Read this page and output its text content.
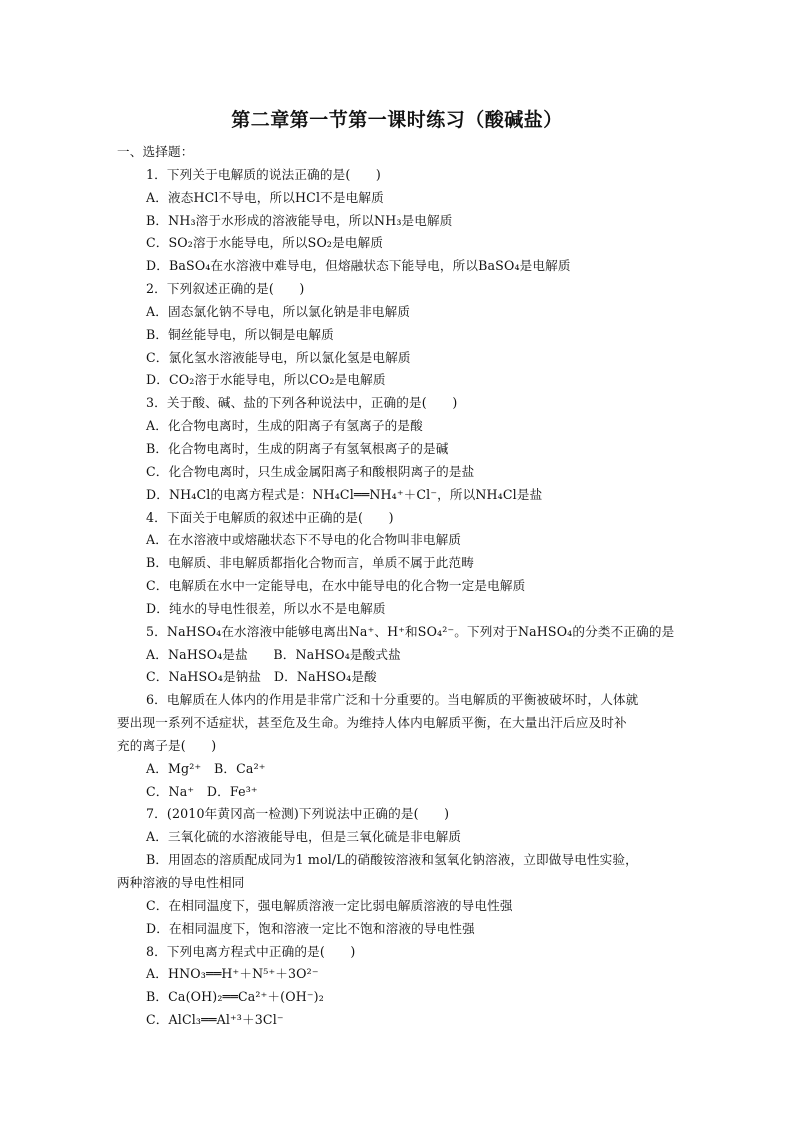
第二章第一节第一课时练习（酸碱盐）
一、选择题：
1．下列关于电解质的说法正确的是(　　)
A．液态HCl不导电，所以HCl不是电解质
B．NH₃溶于水形成的溶液能导电，所以NH₃是电解质
C．SO₂溶于水能导电，所以SO₂是电解质
D．BaSO₄在水溶液中难导电，但熔融状态下能导电，所以BaSO₄是电解质
2．下列叙述正确的是(　　)
A．固态氯化钠不导电，所以氯化钠是非电解质
B．铜丝能导电，所以铜是电解质
C．氯化氢水溶液能导电，所以氯化氢是电解质
D．CO₂溶于水能导电，所以CO₂是电解质
3．关于酸、碱、盐的下列各种说法中，正确的是(　　)
A．化合物电离时，生成的阳离子有氢离子的是酸
B．化合物电离时，生成的阴离子有氢氧根离子的是碱
C．化合物电离时，只生成金属阳离子和酸根阴离子的是盐
D．NH₄Cl的电离方程式是：NH₄Cl══NH₄⁺＋Cl⁻，所以NH₄Cl是盐
4．下面关于电解质的叙述中正确的是(　　)
A．在水溶液中或熔融状态下不导电的化合物叫非电解质
B．电解质、非电解质都指化合物而言，单质不属于此范畴
C．电解质在水中一定能导电，在水中能导电的化合物一定是电解质
D．纯水的导电性很差，所以水不是电解质
5．NaHSO₄在水溶液中能够电离出Na⁺、H⁺和SO₄²⁻。下列对于NaHSO₄的分类不正确的是
A．NaHSO₄是盐　　B．NaHSO₄是酸式盐
C．NaHSO₄是钠盐　D．NaHSO₄是酸
6．电解质在人体内的作用是非常广泛和十分重要的。当电解质的平衡被破坏时，人体就
要出现一系列不适症状，甚至危及生命。为维持人体内电解质平衡，在大量出汗后应及时补
充的离子是(　　)
A．Mg²⁺　B．Ca²⁺
C．Na⁺　D．Fe³⁺
7．(2010年黄冈高一检测)下列说法中正确的是(　　)
A．三氧化硫的水溶液能导电，但是三氧化硫是非电解质
B．用固态的溶质配成同为1 mol/L的硝酸铵溶液和氢氧化钠溶液，立即做导电性实验，
两种溶液的导电性相同
C．在相同温度下，强电解质溶液一定比弱电解质溶液的导电性强
D．在相同温度下，饱和溶液一定比不饱和溶液的导电性强
8．下列电离方程式中正确的是(　　)
A．HNO₃══H⁺＋N⁵⁺＋3O²⁻
B．Ca(OH)₂══Ca²⁺＋(OH⁻)₂
C．AlCl₃══Al⁺³＋3Cl⁻
